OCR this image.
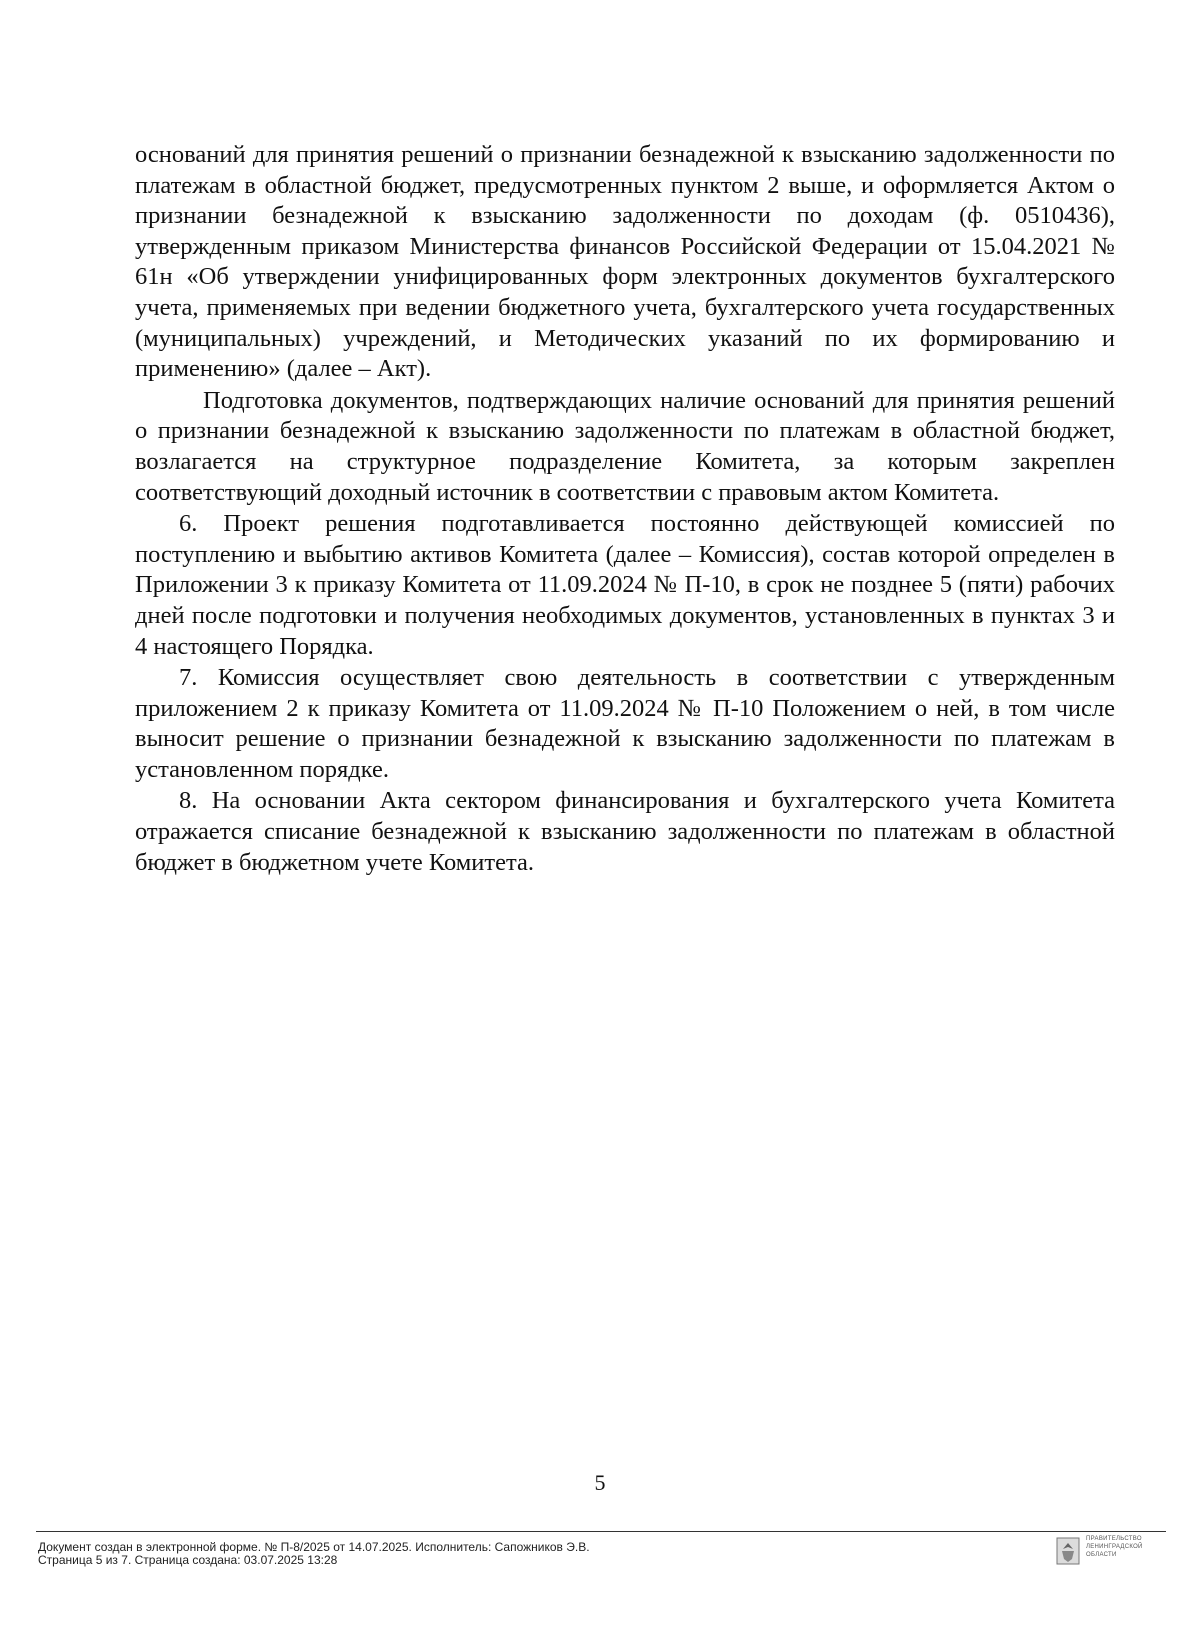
оснований для принятия решений о признании безнадежной к взысканию задолженности по платежам в областной бюджет, предусмотренных пунктом 2 выше, и оформляется Актом о признании безнадежной к взысканию задолженности по доходам (ф. 0510436), утвержденным приказом Министерства финансов Российской Федерации от 15.04.2021 № 61н «Об утверждении унифицированных форм электронных документов бухгалтерского учета, применяемых при ведении бюджетного учета, бухгалтерского учета государственных (муниципальных) учреждений, и Методических указаний по их формированию и применению» (далее – Акт).

Подготовка документов, подтверждающих наличие оснований для принятия решений о признании безнадежной к взысканию задолженности по платежам в областной бюджет, возлагается на структурное подразделение Комитета, за которым закреплен соответствующий доходный источник в соответствии с правовым актом Комитета.

6. Проект решения подготавливается постоянно действующей комиссией по поступлению и выбытию активов Комитета (далее – Комиссия), состав которой определен в Приложении 3 к приказу Комитета от 11.09.2024 № П-10, в срок не позднее 5 (пяти) рабочих дней после подготовки и получения необходимых документов, установленных в пунктах 3 и 4 настоящего Порядка.

7. Комиссия осуществляет свою деятельность в соответствии с утвержденным приложением 2 к приказу Комитета от 11.09.2024 № П-10 Положением о ней, в том числе выносит решение о признании безнадежной к взысканию задолженности по платежам в установленном порядке.

8. На основании Акта сектором финансирования и бухгалтерского учета Комитета отражается списание безнадежной к взысканию задолженности по платежам в областной бюджет в бюджетном учете Комитета.

5
Документ создан в электронной форме. № П-8/2025 от 14.07.2025. Исполнитель: Сапожников Э.В.
Страница 5 из 7. Страница создана: 03.07.2025 13:28
ПРАВИТЕЛЬСТВО
ЛЕНИНГРАДСКОЙ
ОБЛАСТИ
